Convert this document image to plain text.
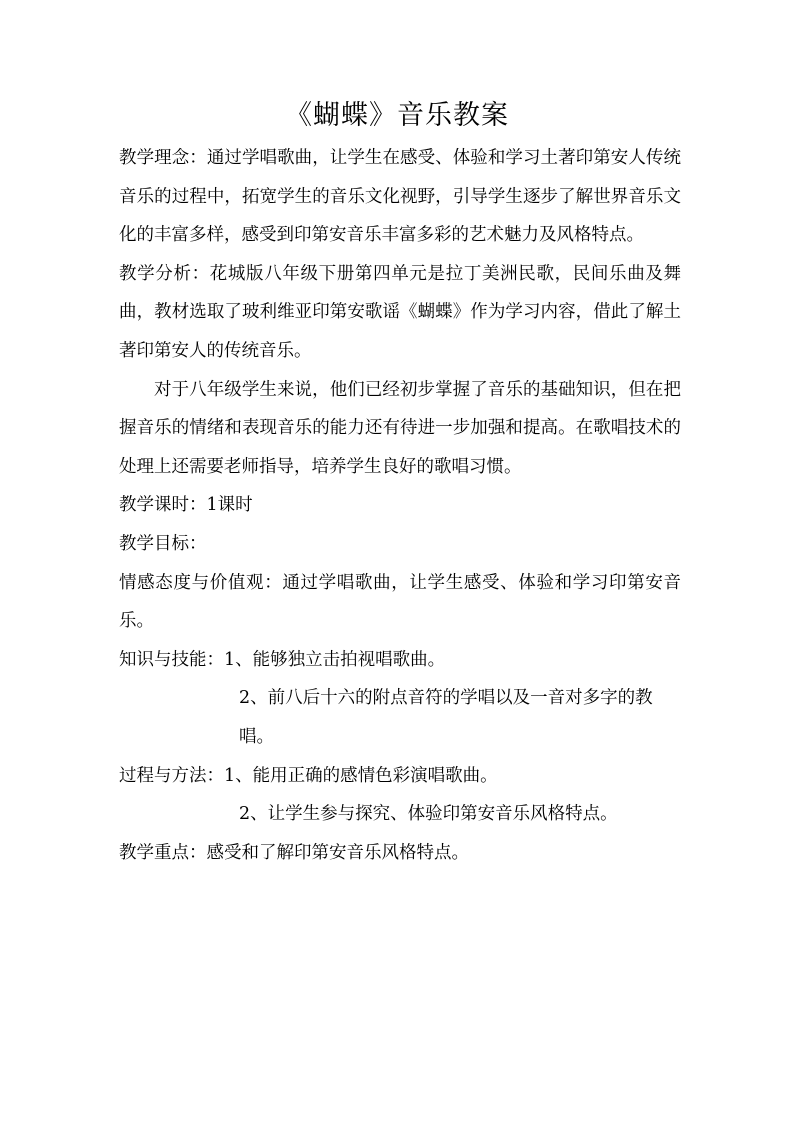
《蝴蝶》音乐教案

教学理念：通过学唱歌曲，让学生在感受、体验和学习土著印第安人传统音乐的过程中，拓宽学生的音乐文化视野，引导学生逐步了解世界音乐文化的丰富多样，感受到印第安音乐丰富多彩的艺术魅力及风格特点。

教学分析：花城版八年级下册第四单元是拉丁美洲民歌，民间乐曲及舞曲，教材选取了玻利维亚印第安歌谣《蝴蝶》作为学习内容，借此了解土著印第安人的传统音乐。

对于八年级学生来说，他们已经初步掌握了音乐的基础知识，但在把握音乐的情绪和表现音乐的能力还有待进一步加强和提高。在歌唱技术的处理上还需要老师指导，培养学生良好的歌唱习惯。

教学课时：1课时

教学目标：

情感态度与价值观：通过学唱歌曲，让学生感受、体验和学习印第安音乐。

知识与技能： 1、能够独立击拍视唱歌曲。
2、前八后十六的附点音符的学唱以及一音对多字的教唱。
过程与方法： 1、能用正确的感情色彩演唱歌曲。
2、让学生参与探究、体验印第安音乐风格特点。

教学重点：感受和了解印第安音乐风格特点。
